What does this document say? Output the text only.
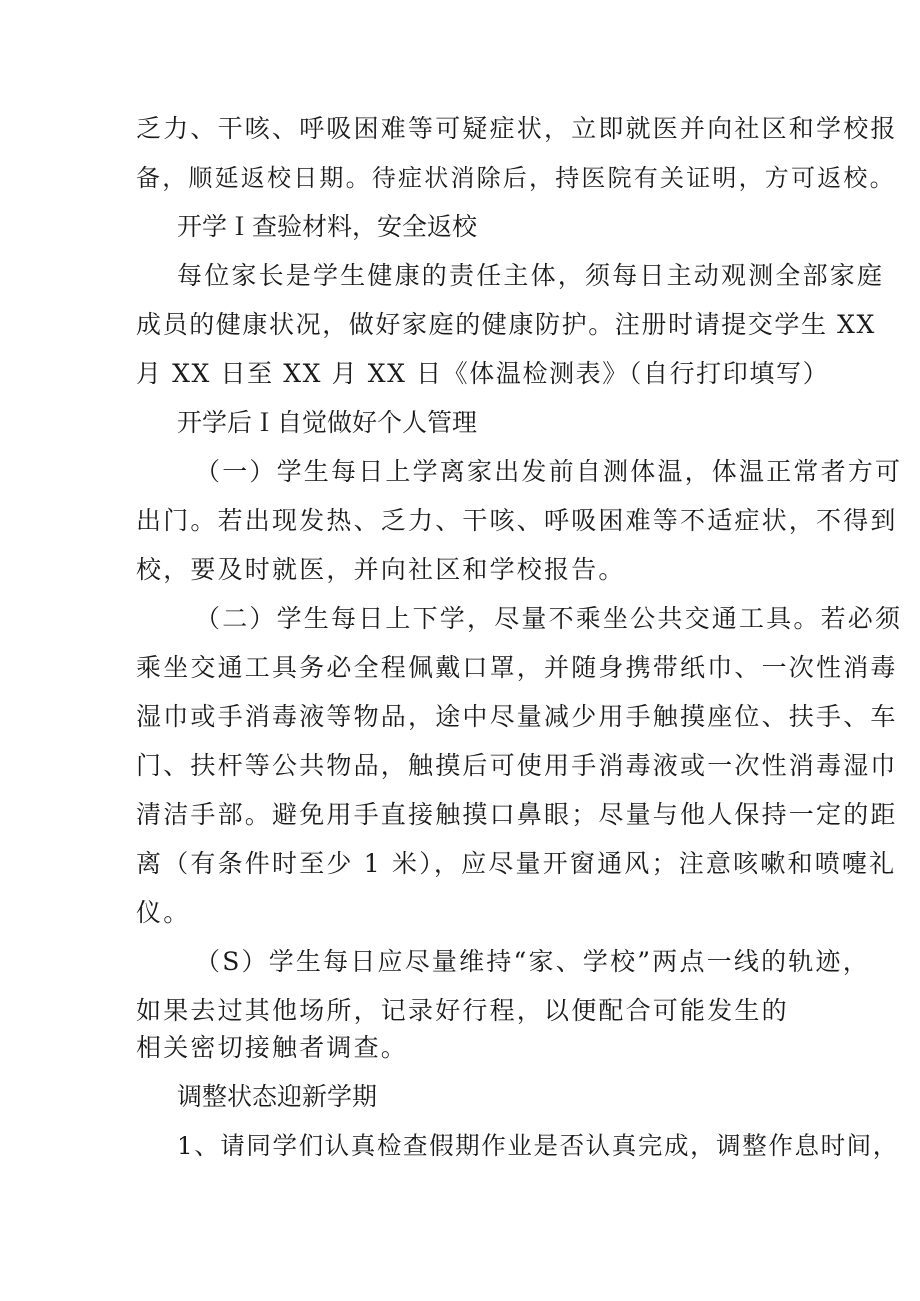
乏力、干咳、呼吸困难等可疑症状，立即就医并向社区和学校报
备，顺延返校日期。待症状消除后，持医院有关证明，方可返校。
开学Ｉ查验材料，安全返校
每位家长是学生健康的责任主体，须每日主动观测全部家庭
成员的健康状况，做好家庭的健康防护。注册时请提交学生 XX
月 XX 日至 XX 月 XX 日《体温检测表》（自行打印填写）
开学后Ｉ自觉做好个人管理
（一）学生每日上学离家出发前自测体温，体温正常者方可
出门。若出现发热、乏力、干咳、呼吸困难等不适症状，不得到
校，要及时就医，并向社区和学校报告。
（二）学生每日上下学，尽量不乘坐公共交通工具。若必须
乘坐交通工具务必全程佩戴口罩，并随身携带纸巾、一次性消毒
湿巾或手消毒液等物品，途中尽量减少用手触摸座位、扶手、车
门、扶杆等公共物品，触摸后可使用手消毒液或一次性消毒湿巾
清洁手部。避免用手直接触摸口鼻眼；尽量与他人保持一定的距
离（有条件时至少 1 米），应尽量开窗通风；注意咳嗽和喷嚏礼
仪。
（S）学生每日应尽量维持“家、学校”两点一线的轨迹，
如果去过其他场所，记录好行程，以便配合可能发生的
相关密切接触者调查。
调整状态迎新学期
1、请同学们认真检查假期作业是否认真完成，调整作息时间，
